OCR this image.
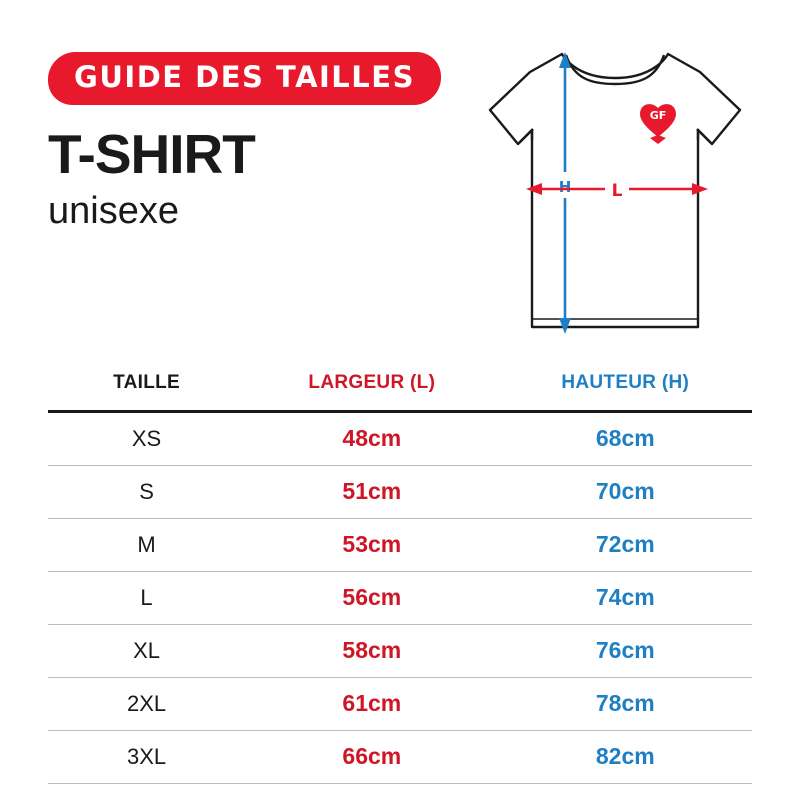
GUIDE DES TAILLES
T-SHIRT
unisexe
GF
H L
TAILLE	LARGEUR (L)	HAUTEUR (H)
XS	48cm	68cm
S	51cm	70cm
M	53cm	72cm
L	56cm	74cm
XL	58cm	76cm
2XL	61cm	78cm
3XL	66cm	82cm
